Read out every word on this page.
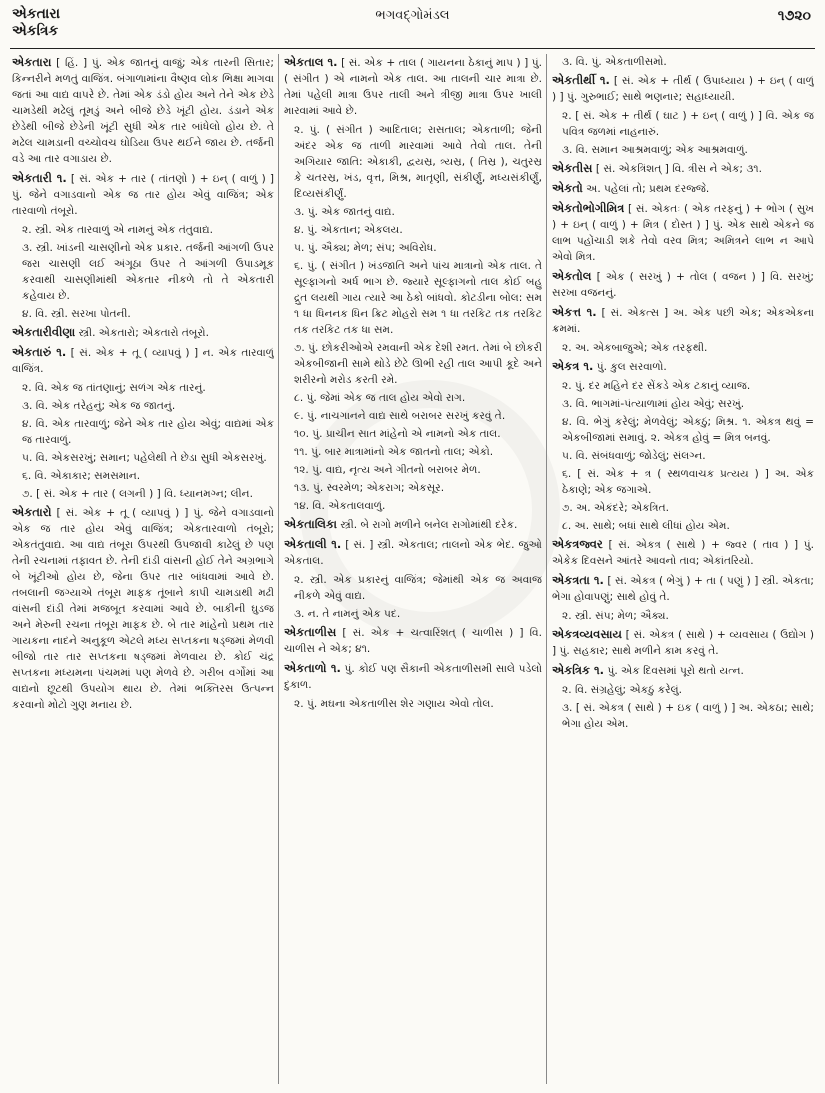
એકતારા
એકત્રિક
ભગવદ્ગોમંડલ	૧૭૨૦

એકતારા [ હિં. ] પું. એક જાતનું વાજું; એક તારની સિતાર; કિન્નરીને મળતું વાજિંત્ર. બંગાળામાંના વૈષ્ણવ લોક ભિક્ષા માગવા જતાં આ વાદ્ય વાપરે છે. તેમાં એક ડંડો હોય અને તેને એક છેડે ચામડેથી મઢેલું તૂમડું અને બીજે છેડે ખૂંટી હોય. ડંડાને એક છેડેથી બીજે છેડેની ખૂંટી સુધી એક તાર બાંધેલો હોય છે. તે મઢેલ ચામડાની વચ્ચોવચ ઘોડિયા ઉપર થઈને જાય છે. તર્જની વડે આ તાર વગાડાય છે.

એકતારી ૧. [ સં. એક + તાર ( તાંતણો ) + ઇન્ ( વાળું ) ] પું. જેને વગાડવાનો એક જ તાર હોય એવું વાજિંત્ર; એક તારવાળો તંબૂરો.

૨. સ્ત્રી. એક તારવાળું એ નામનું એક તંતુવાદ્ય.

૩. સ્ત્રી. ખાંડની ચાસણીનો એક પ્રકાર. તર્જની આંગળી ઉપર જરા ચાસણી લઈ અંગૂઠા ઉપર તે આંગળી ઉપાડમૂક કરવાથી ચાસણીમાંથી એકતાર નીકળે તો તે એકતારી કહેવાય છે.

૪. વિ. સ્ત્રી. સરખા પોતની.

એકતારીવીણા સ્ત્રી. એકતારો; એકતારો તંબૂરો.

એકતારું ૧. [ સં. એક + તૂ ( વ્યાપવું ) ] ન. એક તારવાળું વાજિંત્ર.

૨. વિ. એક જ તાંતણાનું; સળંગ એક તારનું.

૩. વિ. એક તરેહનું; એક જ જાતનું.

૪. વિ. એક તારવાળું; જેને એક તાર હોય એવું; વાદ્યમાં એક જ તારવાળું.

૫. વિ. એકસરખું; સમાન; પહેલેથી તે છેડા સુધી એકસરખું.

૬. વિ. એકાકાર; સમસમાન.

૭. [ સં. એક + તાર ( લગની ) ] વિ. ધ્યાનમગ્ન; લીન.

એકતારો [ સં. એક + તૂ ( વ્યાપવું ) ] પું. જેને વગાડવાનો એક જ તાર હોય એવું વાજિંત્ર; એકતારવાળો તંબૂરો; એકતંતુવાદ્ય. આ વાદ્ય તંબૂરા ઉપરથી ઉપજાવી કાઢેલું છે પણ તેની રચનામાં તફાવત છે. તેની દાંડી વાંસની હોઈ તેને અગ્રભાગે બે ખૂંટીઓ હોય છે, જેના ઉપર તાર બાંધવામાં આવે છે. તબલાની જગ્યાએ તંબૂરા માફક તૂંબાને કાપી ચામડાથી મઢી વાંસની દાંડી તેમાં મજબૂત કરવામાં આવે છે. બાકીની ઘુડજ અને મેરુની રચના તંબૂરા માફક છે. બે તાર માંહેનો પ્રથમ તાર ગાયકના નાદને અનુકૂળ એટલે મધ્ય સપ્તકના ષડ્જમાં મેળવી બીજો તાર તાર સપ્તકના ષડ્જમાં મેળવાય છે. કોઈ ચંદ્ર સપ્તકના મધ્યમના પંચમમાં પણ મેળવે છે. ગરીબ વર્ગોમાં આ વાદ્યનો છૂટથી ઉપયોગ થાય છે. તેમાં ભક્તિરસ ઉત્પન્ન કરવાનો મોટો ગુણ મનાય છે.

એકતાલ ૧. [ સં. એક + તાલ ( ગાયનના ઠેકાનું માપ ) ] પું. ( સંગીત ) એ નામનો એક તાલ. આ તાલની ચાર માત્રા છે. તેમાં પહેલી માત્રા ઉપર તાલી અને ત્રીજી માત્રા ઉપર ખાલી મારવામાં આવે છે.

૨. પું. ( સંગીત ) આદિતાલ; રાસતાલ; એકતાળી; જેની અંદર એક જ તાળી મારવામાં આવે તેવો તાલ. તેની અગિયાર જાતિ: એકાકી, દ્વયસ્ર, ત્ર્યસ્ર, ( તિસ્ર ), ચતુરસ્ર કે ચતરસ્ર, ખંડ, વૃત્ત, મિશ્ર, માતૃણી, સંકીર્ણું, મધ્યસંકીર્ણું, દિવ્યસંકીર્ણું.

૩. પું. એક જાતનું વાદ્ય.

૪. પું. એકતાન; એકલય.

૫. પું. ઐક્ય; મેળ; સંપ; અવિરોધ.

૬. પું. ( સંગીત ) ખંડજાતિ અને પાંચ માત્રાનો એક તાલ. તે સૂલ્ફાગનો અર્ધ ભાગ છે. જ્યારે સૂલ્ફાગનો તાલ કોઈ બહુ દ્રુત લયથી ગાય ત્યારે આ ઠેકો બાંધવો. કોટડીના બોલ: સમ ૧ ધા ધિનનક ધિન ક્રિટ મોહરો સમ ૧ ધા તરકિટ તક તરકિટ તક તરકિટ તક ધા સમ.

૭. પું. છોકરીઓએ રમવાની એક દેશી રમત. તેમાં બે છોકરી એકબીજાની સામે થોડે છેટે ઊભી રહી તાલ આપી કૂદે અને શરીરનો મરોડ કરતી રમે.

૮. પું. જેમાં એક જ તાલ હોય એવો રાગ.

૯. પું. નાચગાનને વાદ્ય સાથે બરાબર સરખું કરવું તે.

૧૦. પું. પ્રાચીન સાત માંહેનો એ નામનો એક તાલ.

૧૧. પું. બાર માત્રામાંનો એક જાતનો તાલ; એકો.

૧૨. પું. વાદ્ય, નૃત્ય અને ગીતનો બરાબર મેળ.

૧૩. પું. સ્વરમેળ; એકરાગ; એકસૂર.

૧૪. વિ. એકતાલવાળું.

એકતાલિકા સ્ત્રી. બે રાગો મળીને બનેલ રાગોમાંથી દરેક.

એકતાલી ૧. [ સં. ] સ્ત્રી. એકતાલ; તાલનો એક ભેદ. જુઓ એકતાલ.

૨. સ્ત્રી. એક પ્રકારનું વાજિંત્ર; જેમાંથી એક જ અવાજ નીકળે એવું વાદ્ય.

૩. ન. તે નામનું એક પદ.

એકતાળીસ [ સં. એક + ચત્વારિંશત્ ( ચાળીસ ) ] વિ. ચાળીસ ને એક; ૪૧.

એકતાળો ૧. પું. કોઈ પણ સૈકાની એકતાળીસમી સાલે પડેલો દુકાળ.

૨. પું. મઘના એકતાળીસ શેર ગણાય એવો તોલ.

૩. વિ. પું. એકતાળીસમો.

એકતીર્થી ૧. [ સં. એક + તીર્થ ( ઉપાધ્યાય ) + ઇન્ ( વાળું ) ] પું. ગુરુભાઈ; સાથે ભણનાર; સહાધ્યાયી.

૨. [ સં. એક + તીર્થ ( ઘાટ ) + ઇન્ ( વાળું ) ] વિ. એક જ પવિત્ર જળમાં નાહનારું.

૩. વિ. સમાન આશ્રમવાળું; એક આશ્રમવાળું.

એકતીસ [ સં. એકત્રિંશત્ ] વિ. ત્રીસ ને એક; ૩૧.

એકતો અ. પહેલાં તો; પ્રથમ દરજ્જે.

એકતોભોગીમિત્ર [ સં. એકતઃ ( એક તરફનું ) + ભોગ ( સુખ ) + ઇન્ ( વાળું ) + મિત્ર ( દોસ્ત ) ] પું. એક સાથે એકને જ લાભ પહોંચાડી શકે તેવો વરવ મિત્ર; અમિત્રને લાભ ન આપે એવો મિત્ર.

એકતોલ [ એક ( સરખું ) + તોલ ( વજન ) ] વિ. સરખું; સરખા વજનનું.

એકત્ત ૧. [ સં. એકત્સ ] અ. એક પછી એક; એકએકના ક્રમમાં.

૨. અ. એકબાજુએ; એક તરફથી.

એકત્ર ૧. પું. કુલ સરવાળો.

૨. પું. દર મહિને દર સેંકડે એક ટકાનું વ્યાજ.

૩. વિ. ભાગમાં-પંત્યાળામાં હોય એવું; સરખું.

૪. વિ. ભેગું કરેલું; મેળવેલું; એકઠું; મિશ્ર. ૧. એકત્ર થવું = એકબીજામાં સમાવું. ૨. એકત્ર હોવું = મિત્ર બનવું.

૫. વિ. સંબંધવાળું; જોડેલું; સંલગ્ન.

૬. [ સં. એક + ત્ર ( સ્થળવાચક પ્રત્યય ) ] અ. એક ઠેકાણે; એક જગાએ.

૭. અ. એકંદરે; એકત્રિત.

૮. અ. સાથે; બધાં સાથે લીધાં હોય એમ.

એકત્રજ્વર [ સં. એકત્ર ( સાથે ) + જ્વર ( તાવ ) ] પું. એકેક દિવસને આંતરે આવનો તાવ; એકાંતરિયો.

એકત્રતા ૧. [ સં. એકત્ર ( ભેગું ) + તા ( પણું ) ] સ્ત્રી. એકતા; ભેગા હોવાપણું; સાથે હોવું તે.

૨. સ્ત્રી. સંપ; મેળ; ઐક્ય.

એકત્રવ્યવસાય [ સં. એકત્ર ( સાથે ) + વ્યવસાય ( ઉદ્યોગ ) ] પું. સહકાર; સાથે મળીને કામ કરવું તે.

એકત્રિક ૧. પું. એક દિવસમાં પૂરો થતો યત્ન.

૨. વિ. સંગ્રહેલું; એકઠું કરેલું.

૩. [ સં. એકત્ર ( સાથે ) + ઇક ( વાળું ) ] અ. એકઠા; સાથે; ભેગા હોય એમ.
